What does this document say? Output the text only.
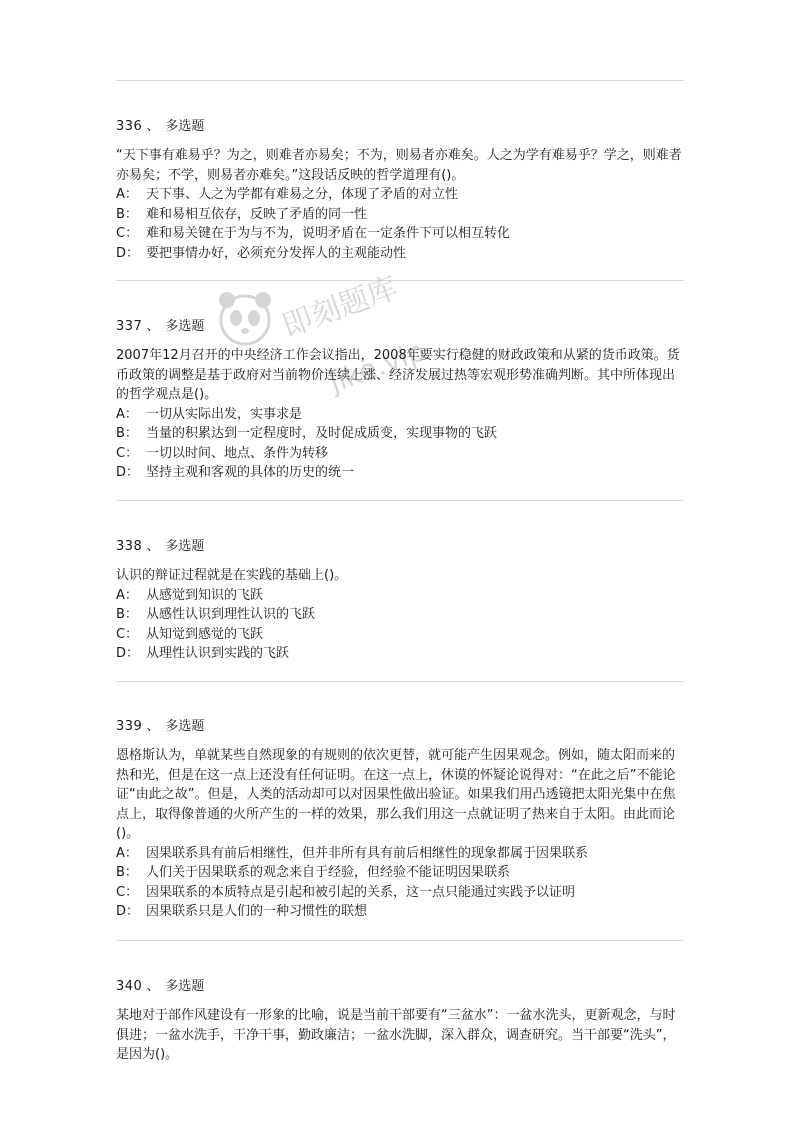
即刻题库
jike.vip

336 、 多选题

“天下事有难易乎？为之，则难者亦易矣；不为，则易者亦难矣。人之为学有难易乎？学之，则难者亦易矣；不学，则易者亦难矣。”这段话反映的哲学道理有()。

A： 天下事、人之为学都有难易之分，体现了矛盾的对立性

B： 难和易相互依存，反映了矛盾的同一性

C： 难和易关键在于为与不为，说明矛盾在一定条件下可以相互转化

D： 要把事情办好，必须充分发挥人的主观能动性

337 、 多选题

2007年12月召开的中央经济工作会议指出，2008年要实行稳健的财政政策和从紧的货币政策。货币政策的调整是基于政府对当前物价连续上涨、经济发展过热等宏观形势准确判断。其中所体现出的哲学观点是()。

A： 一切从实际出发，实事求是

B： 当量的积累达到一定程度时，及时促成质变，实现事物的飞跃

C： 一切以时间、地点、条件为转移

D： 坚持主观和客观的具体的历史的统一

338 、 多选题

认识的辩证过程就是在实践的基础上()。

A： 从感觉到知识的飞跃

B： 从感性认识到理性认识的飞跃

C： 从知觉到感觉的飞跃

D： 从理性认识到实践的飞跃

339 、 多选题

恩格斯认为，单就某些自然现象的有规则的依次更替，就可能产生因果观念。例如，随太阳而来的热和光，但是在这一点上还没有任何证明。在这一点上，休谟的怀疑论说得对：“在此之后”不能论证“由此之故”。但是，人类的活动却可以对因果性做出验证。如果我们用凸透镜把太阳光集中在焦点上，取得像普通的火所产生的一样的效果，那么我们用这一点就证明了热来自于太阳。由此而论()。

A： 因果联系具有前后相继性，但并非所有具有前后相继性的现象都属于因果联系

B： 人们关于因果联系的观念来自于经验，但经验不能证明因果联系

C： 因果联系的本质特点是引起和被引起的关系，这一点只能通过实践予以证明

D： 因果联系只是人们的一种习惯性的联想

340 、 多选题

某地对于部作风建设有一形象的比喻，说是当前干部要有“三盆水”：一盆水洗头，更新观念，与时俱进；一盆水洗手，干净干事，勤政廉洁；一盆水洗脚，深入群众，调查研究。当干部要“洗头”，是因为()。
